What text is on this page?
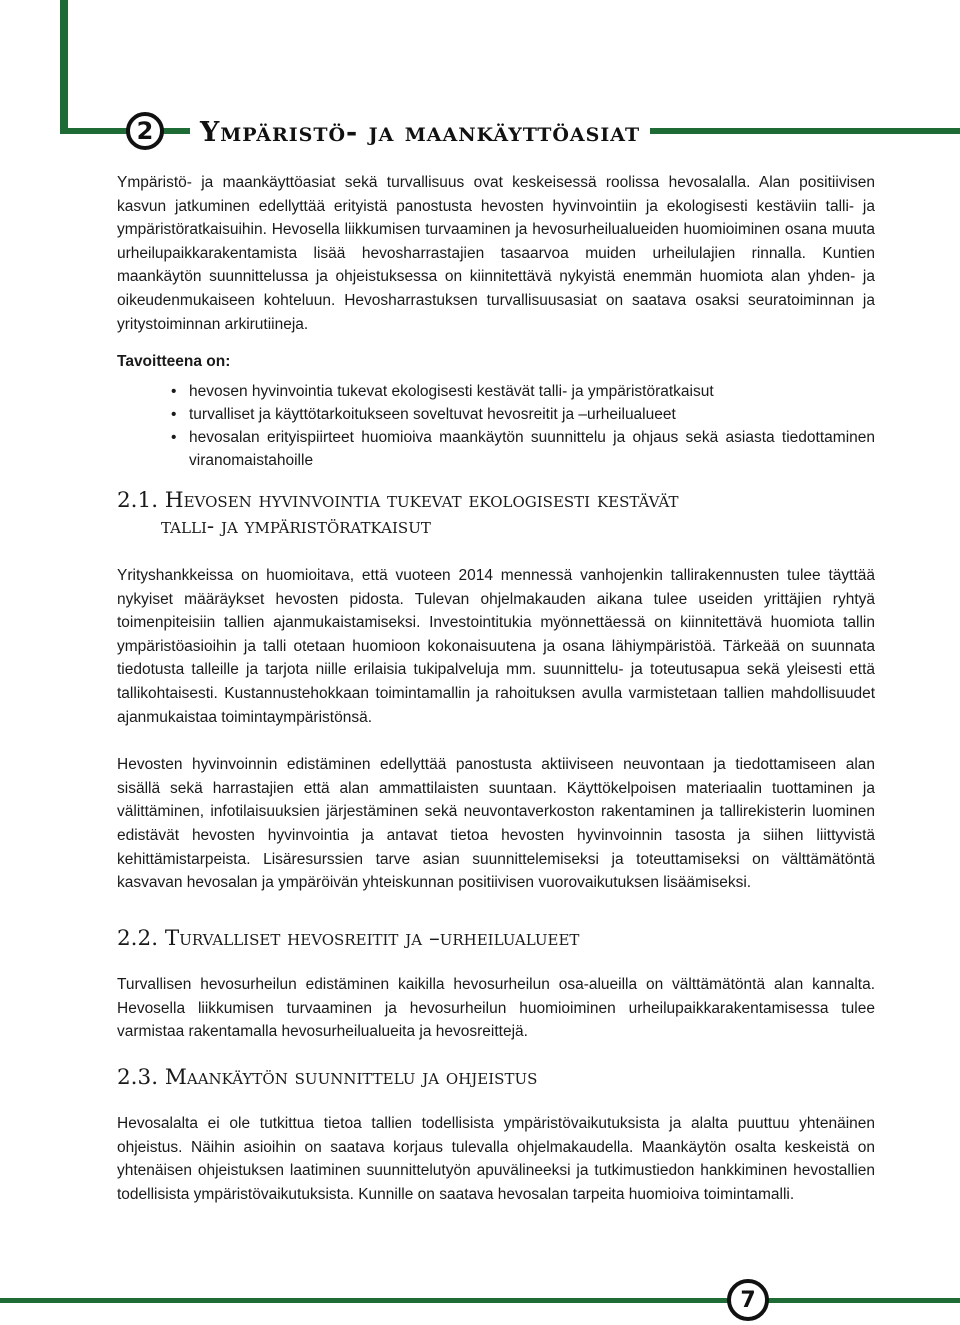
2	Ympäristö- ja maankäyttöasiat

Ympäristö- ja maankäyttöasiat sekä turvallisuus ovat keskeisessä roolissa hevosalalla. Alan positiivisen kasvun jatkuminen edellyttää erityistä panostusta hevosten hyvinvointiin ja ekologisesti kestäviin talli- ja ympäristöratkaisuihin. Hevosella liikkumisen turvaaminen ja hevosurheilualueiden huomioiminen osana muuta urheilupaikkarakentamista lisää hevosharrastajien tasaarvoa muiden urheilulajien rinnalla. Kuntien maankäytön suunnittelussa ja ohjeistuksessa on kiinnitettävä nykyistä enemmän huomiota alan yhden- ja oikeudenmukaiseen kohteluun. Hevosharrastuksen turvallisuusasiat on saatava osaksi seuratoiminnan ja yritystoiminnan arkirutiineja.

Tavoitteena on:

• hevosen hyvinvointia tukevat ekologisesti kestävät talli- ja ympäristöratkaisut
• turvalliset ja käyttötarkoitukseen soveltuvat hevosreitit ja –urheilualueet
• hevosalan erityispiirteet huomioiva maankäytön suunnittelu ja ohjaus sekä asiasta tiedottaminen viranomaistahoille
2.1. Hevosen hyvinvointia tukevat ekologisesti kestävät
talli- ja ympäristöratkaisut

Yrityshankkeissa on huomioitava, että vuoteen 2014 mennessä vanhojenkin tallirakennusten tulee täyttää nykyiset määräykset hevosten pidosta. Tulevan ohjelmakauden aikana tulee useiden yrittäjien ryhtyä toimenpiteisiin tallien ajanmukaistamiseksi. Investointitukia myönnettäessä on kiinnitettävä huomiota tallin ympäristöasioihin ja talli otetaan huomioon kokonaisuutena ja osana lähiympäristöä. Tärkeää on suunnata tiedotusta talleille ja tarjota niille erilaisia tukipalveluja mm. suunnittelu- ja toteutusapua sekä yleisesti että tallikohtaisesti. Kustannustehokkaan toimintamallin ja rahoituksen avulla varmistetaan tallien mahdollisuudet ajanmukaistaa toimintaympäristönsä.

Hevosten hyvinvoinnin edistäminen edellyttää panostusta aktiiviseen neuvontaan ja tiedottamiseen alan sisällä sekä harrastajien että alan ammattilaisten suuntaan. Käyttökelpoisen materiaalin tuottaminen ja välittäminen, infotilaisuuksien järjestäminen sekä neuvontaverkoston rakentaminen ja tallirekisterin luominen edistävät hevosten hyvinvointia ja antavat tietoa hevosten hyvinvoinnin tasosta ja siihen liittyvistä kehittämistarpeista. Lisäresurssien tarve asian suunnittelemiseksi ja toteuttamiseksi on välttämätöntä kasvavan hevosalan ja ympäröivän yhteiskunnan positiivisen vuorovaikutuksen lisäämiseksi.

2.2. Turvalliset hevosreitit ja –urheilualueet

Turvallisen hevosurheilun edistäminen kaikilla hevosurheilun osa-alueilla on välttämätöntä alan kannalta. Hevosella liikkumisen turvaaminen ja hevosurheilun huomioiminen urheilupaikkarakentamisessa tulee varmistaa rakentamalla hevosurheilualueita ja hevosreittejä.

2.3. Maankäytön suunnittelu ja ohjeistus

Hevosalalta ei ole tutkittua tietoa tallien todellisista ympäristövaikutuksista ja alalta puuttuu yhtenäinen ohjeistus. Näihin asioihin on saatava korjaus tulevalla ohjelmakaudella. Maankäytön osalta keskeistä on yhtenäisen ohjeistuksen laatiminen suunnittelutyön apuvälineeksi ja tutkimustiedon hankkiminen hevostallien todellisista ympäristövaikutuksista. Kunnille on saatava hevosalan tarpeita huomioiva toimintamalli.

7
